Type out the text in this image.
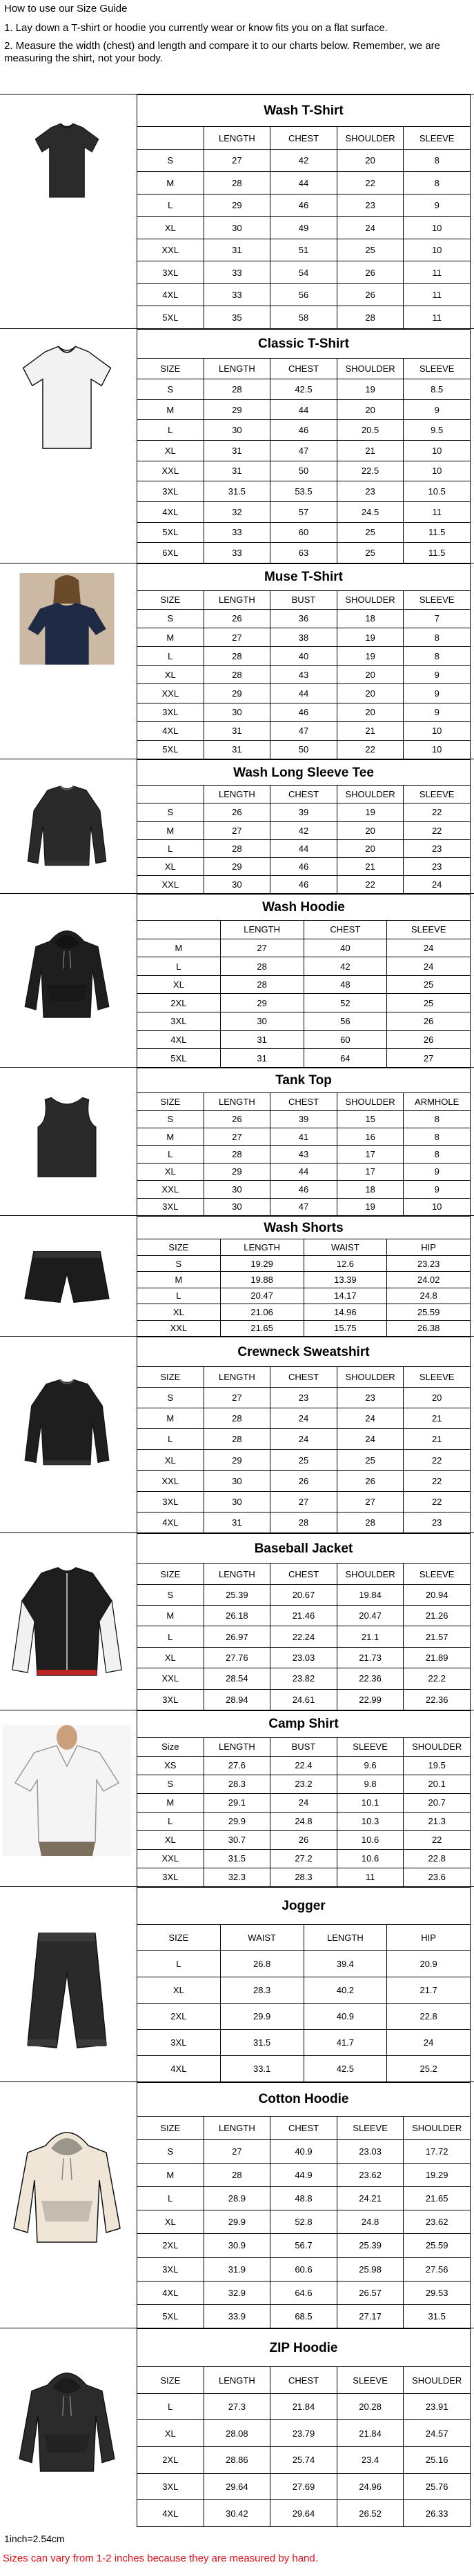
How to use our Size Guide

1. Lay down a T-shirt or hoodie you currently wear or know fits you on a flat surface.

2. Measure the width (chest) and length and compare it to our charts below. Remember, we are measuring the shirt, not your body.

Wash T-Shirt				
	LENGTH	CHEST	SHOULDER	SLEEVE
S	27	42	20	8
M	28	44	22	8
L	29	46	23	9
XL	30	49	24	10
XXL	31	51	25	10
3XL	33	54	26	11
4XL	33	56	26	11
5XL	35	58	28	11
Classic T-Shirt				
SIZE	LENGTH	CHEST	SHOULDER	SLEEVE
S	28	42.5	19	8.5
M	29	44	20	9
L	30	46	20.5	9.5
XL	31	47	21	10
XXL	31	50	22.5	10
3XL	31.5	53.5	23	10.5
4XL	32	57	24.5	11
5XL	33	60	25	11.5
6XL	33	63	25	11.5
Muse T-Shirt				
SIZE	LENGTH	BUST	SHOULDER	SLEEVE
S	26	36	18	7
M	27	38	19	8
L	28	40	19	8
XL	28	43	20	9
XXL	29	44	20	9
3XL	30	46	20	9
4XL	31	47	21	10
5XL	31	50	22	10
Wash Long Sleeve Tee				
	LENGTH	CHEST	SHOULDER	SLEEVE
S	26	39	19	22
M	27	42	20	22
L	28	44	20	23
XL	29	46	21	23
XXL	30	46	22	24
Wash Hoodie			
	LENGTH	CHEST	SLEEVE
M	27	40	24
L	28	42	24
XL	28	48	25
2XL	29	52	25
3XL	30	56	26
4XL	31	60	26
5XL	31	64	27
Tank Top				
SIZE	LENGTH	CHEST	SHOULDER	ARMHOLE
S	26	39	15	8
M	27	41	16	8
L	28	43	17	8
XL	29	44	17	9
XXL	30	46	18	9
3XL	30	47	19	10
Wash Shorts			
SIZE	LENGTH	WAIST	HIP
S	19.29	12.6	23.23
M	19.88	13.39	24.02
L	20.47	14.17	24.8
XL	21.06	14.96	25.59
XXL	21.65	15.75	26.38
Crewneck Sweatshirt				
SIZE	LENGTH	CHEST	SHOULDER	SLEEVE
S	27	23	23	20
M	28	24	24	21
L	28	24	24	21
XL	29	25	25	22
XXL	30	26	26	22
3XL	30	27	27	22
4XL	31	28	28	23
Baseball Jacket				
SIZE	LENGTH	CHEST	SHOULDER	SLEEVE
S	25.39	20.67	19.84	20.94
M	26.18	21.46	20.47	21.26
L	26.97	22.24	21.1	21.57
XL	27.76	23.03	21.73	21.89
XXL	28.54	23.82	22.36	22.2
3XL	28.94	24.61	22.99	22.36
Camp Shirt				
Size	LENGTH	BUST	SLEEVE	SHOULDER
XS	27.6	22.4	9.6	19.5
S	28.3	23.2	9.8	20.1
M	29.1	24	10.1	20.7
L	29.9	24.8	10.3	21.3
XL	30.7	26	10.6	22
XXL	31.5	27.2	10.6	22.8
3XL	32.3	28.3	11	23.6
Jogger			
SIZE	WAIST	LENGTH	HIP
L	26.8	39.4	20.9
XL	28.3	40.2	21.7
2XL	29.9	40.9	22.8
3XL	31.5	41.7	24
4XL	33.1	42.5	25.2
Cotton Hoodie				
SIZE	LENGTH	CHEST	SLEEVE	SHOULDER
S	27	40.9	23.03	17.72
M	28	44.9	23.62	19.29
L	28.9	48.8	24.21	21.65
XL	29.9	52.8	24.8	23.62
2XL	30.9	56.7	25.39	25.59
3XL	31.9	60.6	25.98	27.56
4XL	32.9	64.6	26.57	29.53
5XL	33.9	68.5	27.17	31.5
ZIP Hoodie				
SIZE	LENGTH	CHEST	SLEEVE	SHOULDER
L	27.3	21.84	20.28	23.91
XL	28.08	23.79	21.84	24.57
2XL	28.86	25.74	23.4	25.16
3XL	29.64	27.69	24.96	25.76
4XL	30.42	29.64	26.52	26.33
1inch=2.54cm
Sizes can vary from 1-2 inches because they are measured by hand.
